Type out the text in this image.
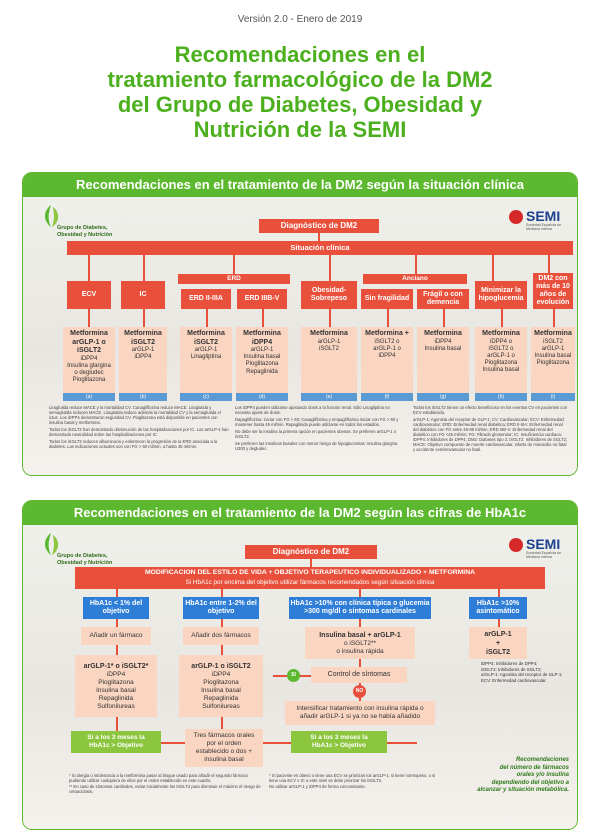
Versión 2.0 - Enero de 2019
Recomendaciones en el
tratamiento farmacológico de la DM2
del Grupo de Diabetes, Obesidad y
Nutrición de la SEMI
Recomendaciones en el tratamiento de la DM2 según la situación clínica
Grupo de Diabetes,
Obesidad y Nutrición
SEMI
Sociedad Española de Medicina Interna
Diagnóstico de DM2
Situación clínica
ERD	Anciano
ECV	IC
ERD II-IIIA	ERD IIIB-V
Obesidad-Sobrepeso	Sin fragilidad
Frágil o con demencia
Minimizar la hipoglucemia
DM2 con más de 10 años de evolución
Metformina
arGLP-1 o
iSGLT2
iDPP4
Insulina glargina o degludec
Pioglitazona
Metformina
iSGLT2
arGLP-1
iDPP4
Metformina
iSGLT2
arGLP-1
Linagliptina
Metformina
iDPP4
arGLP-1
Insulina basal
Pioglitazona
Repaglinida
Metformina
arGLP-1
iSGLT2
Metformina +
iSGLT2 o
arGLP-1 o
iDPP4
Metformina
iDPP4
Insulina basal
Metformina
iDPP4 o
iSGLT2 o
arGLP-1 o
Pioglitazona
Insulina basal
Metformina
iSGLT2
arGLP-1
Insulina basal
Pioglitazona
(a)	(b)	(c)	(d)	(e)	(f)	(g)	(h)	(i)

Liraglutida reduce MACE y la mortalidad CV. Canagliflozina reduce MACE. Liraglutida y semaglutida reducen MACE. Liraglutida reduce además la mortalidad CV y la semaglutida el ictus. Los iDPP4 demostraron seguridad CV. Pioglitazona está disponible en pacientes con insulina basal y metformina.

Todos los iSGLT2 han demostrado disminución de las hospitalizaciones por IC. Los arGLP-1 han demostrado neutralidad sobre las hospitalizaciones por IC.

Todos los iSGLT2 reducen albuminuria y enlentecen la progresión de la ERD asociada a la diabetes. Las indicaciones actuales son con FG > 60 ml/min, a hasta 45 ml/min.

Los iDPP4 pueden utilizarse ajustando dosis a la función renal. Sólo Linagliptina no necesita ajuste de dosis.

Dapagliflozina: iniciar con FG > 60; Canagliflozina y empagliflozina iniciar con FG > 60 y mantener hasta 45 ml/min. Repaglinida puede utilizarse en todos los estadios.

No debe ser la insulina la primera opción en pacientes obesos. Se prefieren arGLP-1 o iSGLT2.

Se prefieren las insulinas basales con menor riesgo de hipoglucemias: insulina glargina U300 y degludec.

Todos los iSGLT2 tienen un efecto beneficioso en los eventos CV en pacientes con ECV establecida.

arGLP-1: Agonista del receptor de GLP-1; CV: Cardiovascular; ECV: Enfermedad cardiovascular; ERD: Enfermedad renal diabética; ERD II-IIIA: Enfermedad renal del diabético con FG entre 45-89 ml/min; ERD IIIB-V: Enfermedad renal del diabético con FG <45 ml/min; FG: Filtrado glomerular; IC: Insuficiencia cardiaca; iDPP4: Inhibidores de DPP4; DM2: Diabetes tipo 2; iSGLT2: Inhibidores de SGLT2; MACE: Objetivo compuesto de muerte cardiovascular, infarto de miocardio no fatal y accidente cerebrovascular no fatal.

Recomendaciones en el tratamiento de la DM2 según las cifras de HbA1c
Grupo de Diabetes,
Obesidad y Nutrición
SEMI
Sociedad Española de Medicina Interna
Diagnóstico de DM2
MODIFICACION DEL ESTILO DE VIDA + OBJETIVO TERAPEUTICO INDIVIDUALIZADO + METFORMINA
Si HbA1c por encima del objetivo utilizar fármacos recomendados según situación clínica
HbA1c < 1% del objetivo
HbA1c entre 1-2% del objetivo
HbA1c >10% con clínica típica o glucemia >300 mg/dl o síntomas cardinales
HbA1c >10% asintomático
Añadir un fármaco	Añadir dos fármacos	Insulina basal + arGLP-1
o iSGLT2**
o insulina rápida
arGLP-1
+
iSGLT2
arGLP-1* o iSGLT2*
iDPP4
Pioglitazona
Insulina basal
Repaglinida
Sulfonilureas
arGLP-1 o iSGLT2
iDPP4
Pioglitazona
Insulina basal
Repaglinida
Sulfonilureas
Control de síntomas
SI
NO
Intensificar tratamiento con insulina rápida o
añadir arGLP-1 si ya no se había añadido
Si a los 3 meses la
HbA1c > Objetivo
Tres fármacos orales
por el orden
establecido o dos +
insulina basal
Si a los 3 meses la
HbA1c > Objetivo
iDPP4: Inhibidores de DPP4;
iSGLT2: Inhibidores de SGLT2;
arGLP-1: Agonista del receptor de GLP-1;
ECV: Enfermedad cardiovascular.
Recomendaciones
del número de fármacos
orales y/o insulina
dependiendo del objetivo a
alcanzar y situación metabólica.
* Si alergia o intolerancia a la metformina pasar al bloque usado para añadir el segundo fármaco pudiendo utilizar cualquiera de ellos por el orden establecido en este cuadro.
** En caso de síntomas cardinales, evitar inicialmente los iSGLT2 para disminuir el máximo el riesgo de cetoacidosis.
* Si paciente es obeso o tiene una ECV se priorizan los arGLP-1, si tiene normopeso, o si tiene una ECV o IC a este nivel se debe priorizar los iSGLT2.
No utilizar arGLP-1 y iDPP4 de forma concomitante.
